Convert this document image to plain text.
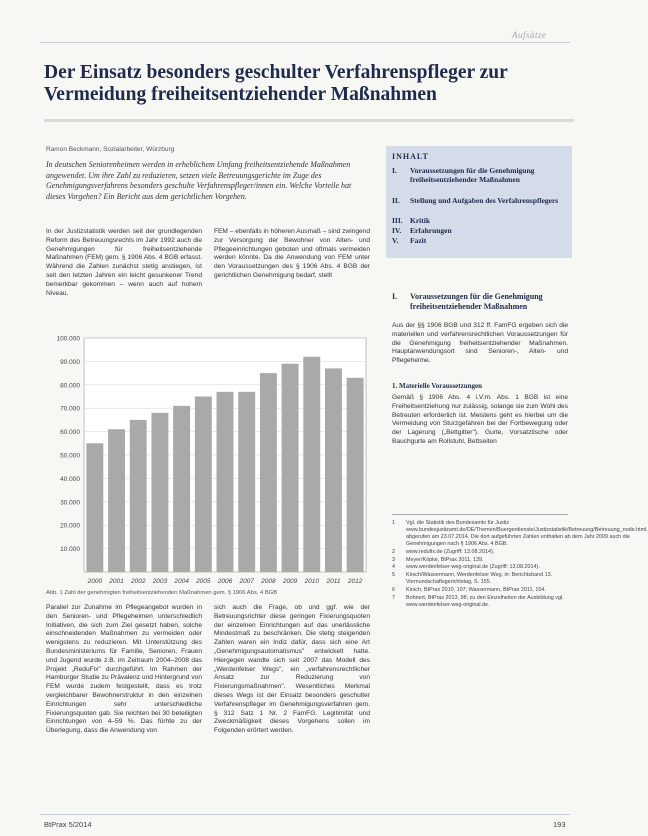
Aufsätze
Der Einsatz besonders geschulter Verfahrenspfleger zur Vermeidung freiheitsentziehender Maßnahmen
Ramon Beckmann, Sozialarbeiter, Würzburg
In deutschen Seniorenheimen werden in erheblichem Umfang freiheitsentziehende Maßnahmen angewendet. Um ihre Zahl zu reduzieren, setzen viele Betreuungsgerichte im Zuge des Genehmigungsverfahrens besonders geschulte Verfahrenspfleger/innen ein. Welche Vorteile hat dieses Vorgehen? Ein Bericht aus dem gerichtlichen Vorgehen.
In der Justizstatistik werden seit der grundlegenden Reform des Betreuungsrechts im Jahr 1992 auch die Genehmigungen für freiheitsentziehende Maßnahmen (FEM) gem. § 1906 Abs. 4 BGB erfasst. Während die Zahlen zunächst stetig anstiegen, ist seit den letzten Jahren ein leicht gesunkener Trend bemerkbar gekommen – wenn auch auf hohem Niveau.
FEM – ebenfalls in höheren Ausmaß – sind zwingend zur Versorgung der Bewohner von Alten- und Pflegeeinrichtungen geboten und oftmals vermeiden werden könnte. Da die Anwendung von FEM unter den Voraussetzungen des § 1906 Abs. 4 BGB der gerichtlichen Genehmigung bedarf, stellt
INHALT
I. Voraussetzungen für die Genehmigung freiheitsentziehender Maßnahmen
II. Stellung und Aufgaben des Verfahrenspflegers
III. Kritik
IV. Erfahrungen
V. Fazit
I. Voraussetzungen für die Genehmigung freiheitsentziehender Maßnahmen
Aus der §§ 1906 BGB und 312 ff. FamFG ergeben sich die materiellen und verfahrensrechtlichen Voraussetzungen für die Genehmigung freiheitsentziehender Maßnahmen. Hauptanwendungsort sind Senioren-, Alten- und Pflegeheime.
1. Materielle Voraussetzungen
Gemäß § 1906 Abs. 4 i.V.m. Abs. 1 BGB ist eine Freiheitsentziehung nur zulässig, solange sie zum Wohl des Betreuten erforderlich ist. Meistens geht es hierbei um die Vermeidung von Sturzgefahren bei der Fortbewegung oder der Lagerung („Bettgitter"). Gurte, Vorsatztische oder Bauchgurte am Rollstuhl, Bettseiten
10.000
20.000
30.000
40.000
50.000
60.000
70.000
80.000
90.000
100.000
2000 2001 2002 2003 2004 2005 2006 2007 2008 2009 2010 2011 2012
Abb. 1 Zahl der genehmigten freiheitsentziehenden Maßnahmen gem. § 1906 Abs. 4 BGB
Parallel zur Zunahme im Pflegeangebot wurden in den Senioren- und Pflegeheimen unterschiedlich Initiativen, die sich zum Ziel gesetzt haben, solche einschneidenden Maßnahmen zu vermeiden oder wenigstens zu reduzieren. Mit Unterstützung des Bundesministeriums für Familie, Senioren, Frauen und Jugend wurde z.B. im Zeitraum 2004–2008 das Projekt „ReduFix" durchgeführt. Im Rahmen der Hamburger Studie zu Prävalenz und Hintergrund von FEM wurde zudem festgestellt, dass es trotz vergleichbarer Bewohnerstruktur in den einzelnen Einrichtungen sehr unterschiedliche Fixierungsquoten gab. Sie reichten bei 30 beteiligten Einrichtungen von 4–59 %. Das fürhte zu der Überlegung, dass die Anwendung von
sich auch die Frage, ob und ggf. wie der Betreuungsrichter diese geringen Fixierungsquoten der einzelnen Einrichtungen auf das unerlässliche Mindestmaß zu beschränken. Die stetig steigenden Zahlen waren ein Indiz dafür, dass sich eine Art „Genehmigungsautomatismus" entwickelt hatte. Hiergegen wandte sich seit 2007 das Modell des „Werdenfelser Wegs", ein „verfahrensrechtlicher Ansatz zur Reduzierung von Fixierungsmaßnahmen". Wesentliches Merkmal dieses Wegs ist der Einsatz besonders geschulter Verfahrenspfleger im Genehmigungsverfahren gem. § 312 Satz 1 Nr. 2 FamFG. Legitimität und Zweckmäßigkeit dieses Vorgehens sollen im Folgenden erörtert werden.
1	Vgl. die Statistik des Bundesamts für Justiz www.bundesjustizamt.de/DE/Themen/Buergerdienste/Justizstatistik/Betreuung/Betreuung_node.html, abgerufen am 23.07.2014. Die dort aufgeführten Zahlen enthalten ab dem Jahr 2009 auch die Genehmigungen nach § 1906 Abs. 4 BGB.
2	www.redufix.de (Zugriff: 13.08.2014).
3	Meyer/Köpke, BtPrax 2011, 139.
4	www.werdenfelser-weg-original.de (Zugriff: 13.08.2014).
5	Kirsch/Wassermann, Werdenfelser Weg, in: Berichtsband 13. Vormundschaftsgerichtstag, S. 155.
6	Kirsch, BtPrax 2010, 107; Wassermann, BtPrax 2011, 154.
7	Bohnert, BtPrax 2013, 98; zu den Einzelheiten der Ausbildung vgl. www.werdenfelser-weg-original.de.
BtPrax 5/2014	193
